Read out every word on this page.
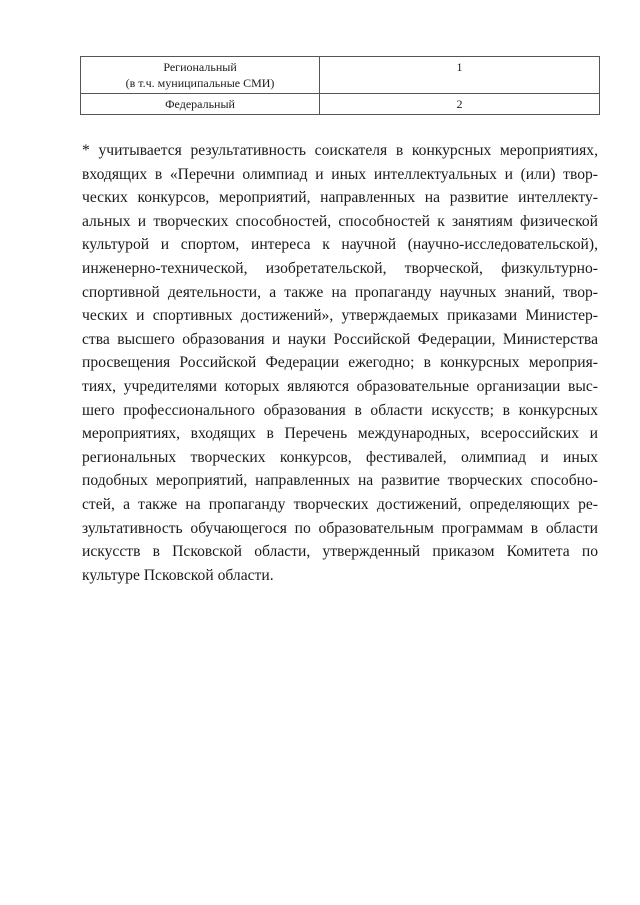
Региональный
(в т.ч. муниципальные СМИ)	1

Федеральный	2
* учитывается результативность соискателя в конкурсных мероприятиях,
входящих в «Перечни олимпиад и иных интеллектуальных и (или) твор-
ческих конкурсов, мероприятий, направленных на развитие интеллекту-
альных и творческих способностей, способностей к занятиям физической
культурой и спортом, интереса к научной (научно-исследовательской),
инженерно-технической, изобретательской, творческой, физкультурно-
спортивной деятельности, а также на пропаганду научных знаний, твор-
ческих и спортивных достижений», утверждаемых приказами Министер-
ства высшего образования и науки Российской Федерации, Министерства
просвещения Российской Федерации ежегодно; в конкурсных мероприя-
тиях, учредителями которых являются образовательные организации выс-
шего профессионального образования в области искусств; в конкурсных
мероприятиях, входящих в Перечень международных, всероссийских и
региональных творческих конкурсов, фестивалей, олимпиад и иных
подобных мероприятий, направленных на развитие творческих способно-
стей, а также на пропаганду творческих достижений, определяющих ре-
зультативность обучающегося по образовательным программам в области
искусств в Псковской области, утвержденный приказом Комитета по
культуре Псковской области.
